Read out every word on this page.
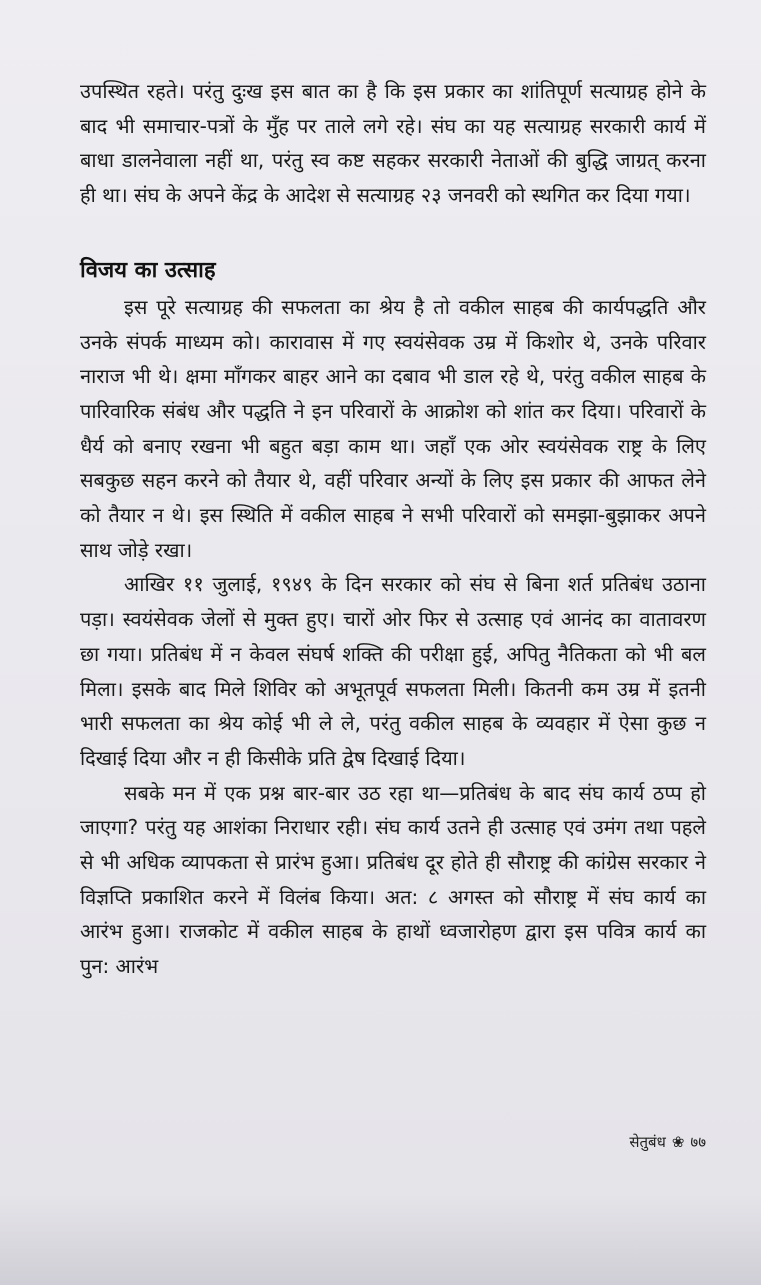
उपस्थित रहते। परंतु दुःख इस बात का है कि इस प्रकार का शांतिपूर्ण सत्याग्रह होने के बाद भी समाचार-पत्रों के मुँह पर ताले लगे रहे। संघ का यह सत्याग्रह सरकारी कार्य में बाधा डालनेवाला नहीं था, परंतु स्व कष्ट सहकर सरकारी नेताओं की बुद्धि जाग्रत् करना ही था। संघ के अपने केंद्र के आदेश से सत्याग्रह २३ जनवरी को स्थगित कर दिया गया।

विजय का उत्साह

इस पूरे सत्याग्रह की सफलता का श्रेय है तो वकील साहब की कार्यपद्धति और उनके संपर्क माध्यम को। कारावास में गए स्वयंसेवक उम्र में किशोर थे, उनके परिवार नाराज भी थे। क्षमा माँगकर बाहर आने का दबाव भी डाल रहे थे, परंतु वकील साहब के पारिवारिक संबंध और पद्धति ने इन परिवारों के आक्रोश को शांत कर दिया। परिवारों के धैर्य को बनाए रखना भी बहुत बड़ा काम था। जहाँ एक ओर स्वयंसेवक राष्ट्र के लिए सबकुछ सहन करने को तैयार थे, वहीं परिवार अन्यों के लिए इस प्रकार की आफत लेने को तैयार न थे। इस स्थिति में वकील साहब ने सभी परिवारों को समझा-बुझाकर अपने साथ जोड़े रखा।

आखिर ११ जुलाई, १९४९ के दिन सरकार को संघ से बिना शर्त प्रतिबंध उठाना पड़ा। स्वयंसेवक जेलों से मुक्त हुए। चारों ओर फिर से उत्साह एवं आनंद का वातावरण छा गया। प्रतिबंध में न केवल संघर्ष शक्ति की परीक्षा हुई, अपितु नैतिकता को भी बल मिला। इसके बाद मिले शिविर को अभूतपूर्व सफलता मिली। कितनी कम उम्र में इतनी भारी सफलता का श्रेय कोई भी ले ले, परंतु वकील साहब के व्यवहार में ऐसा कुछ न दिखाई दिया और न ही किसीके प्रति द्वेष दिखाई दिया।

सबके मन में एक प्रश्न बार-बार उठ रहा था—प्रतिबंध के बाद संघ कार्य ठप्प हो जाएगा? परंतु यह आशंका निराधार रही। संघ कार्य उतने ही उत्साह एवं उमंग तथा पहले से भी अधिक व्यापकता से प्रारंभ हुआ। प्रतिबंध दूर होते ही सौराष्ट्र की कांग्रेस सरकार ने विज्ञप्ति प्रकाशित करने में विलंब किया। अत: ८ अगस्त को सौराष्ट्र में संघ कार्य का आरंभ हुआ। राजकोट में वकील साहब के हाथों ध्वजारोहण द्वारा इस पवित्र कार्य का पुन: आरंभ

सेतुबंध ❀ ७७
